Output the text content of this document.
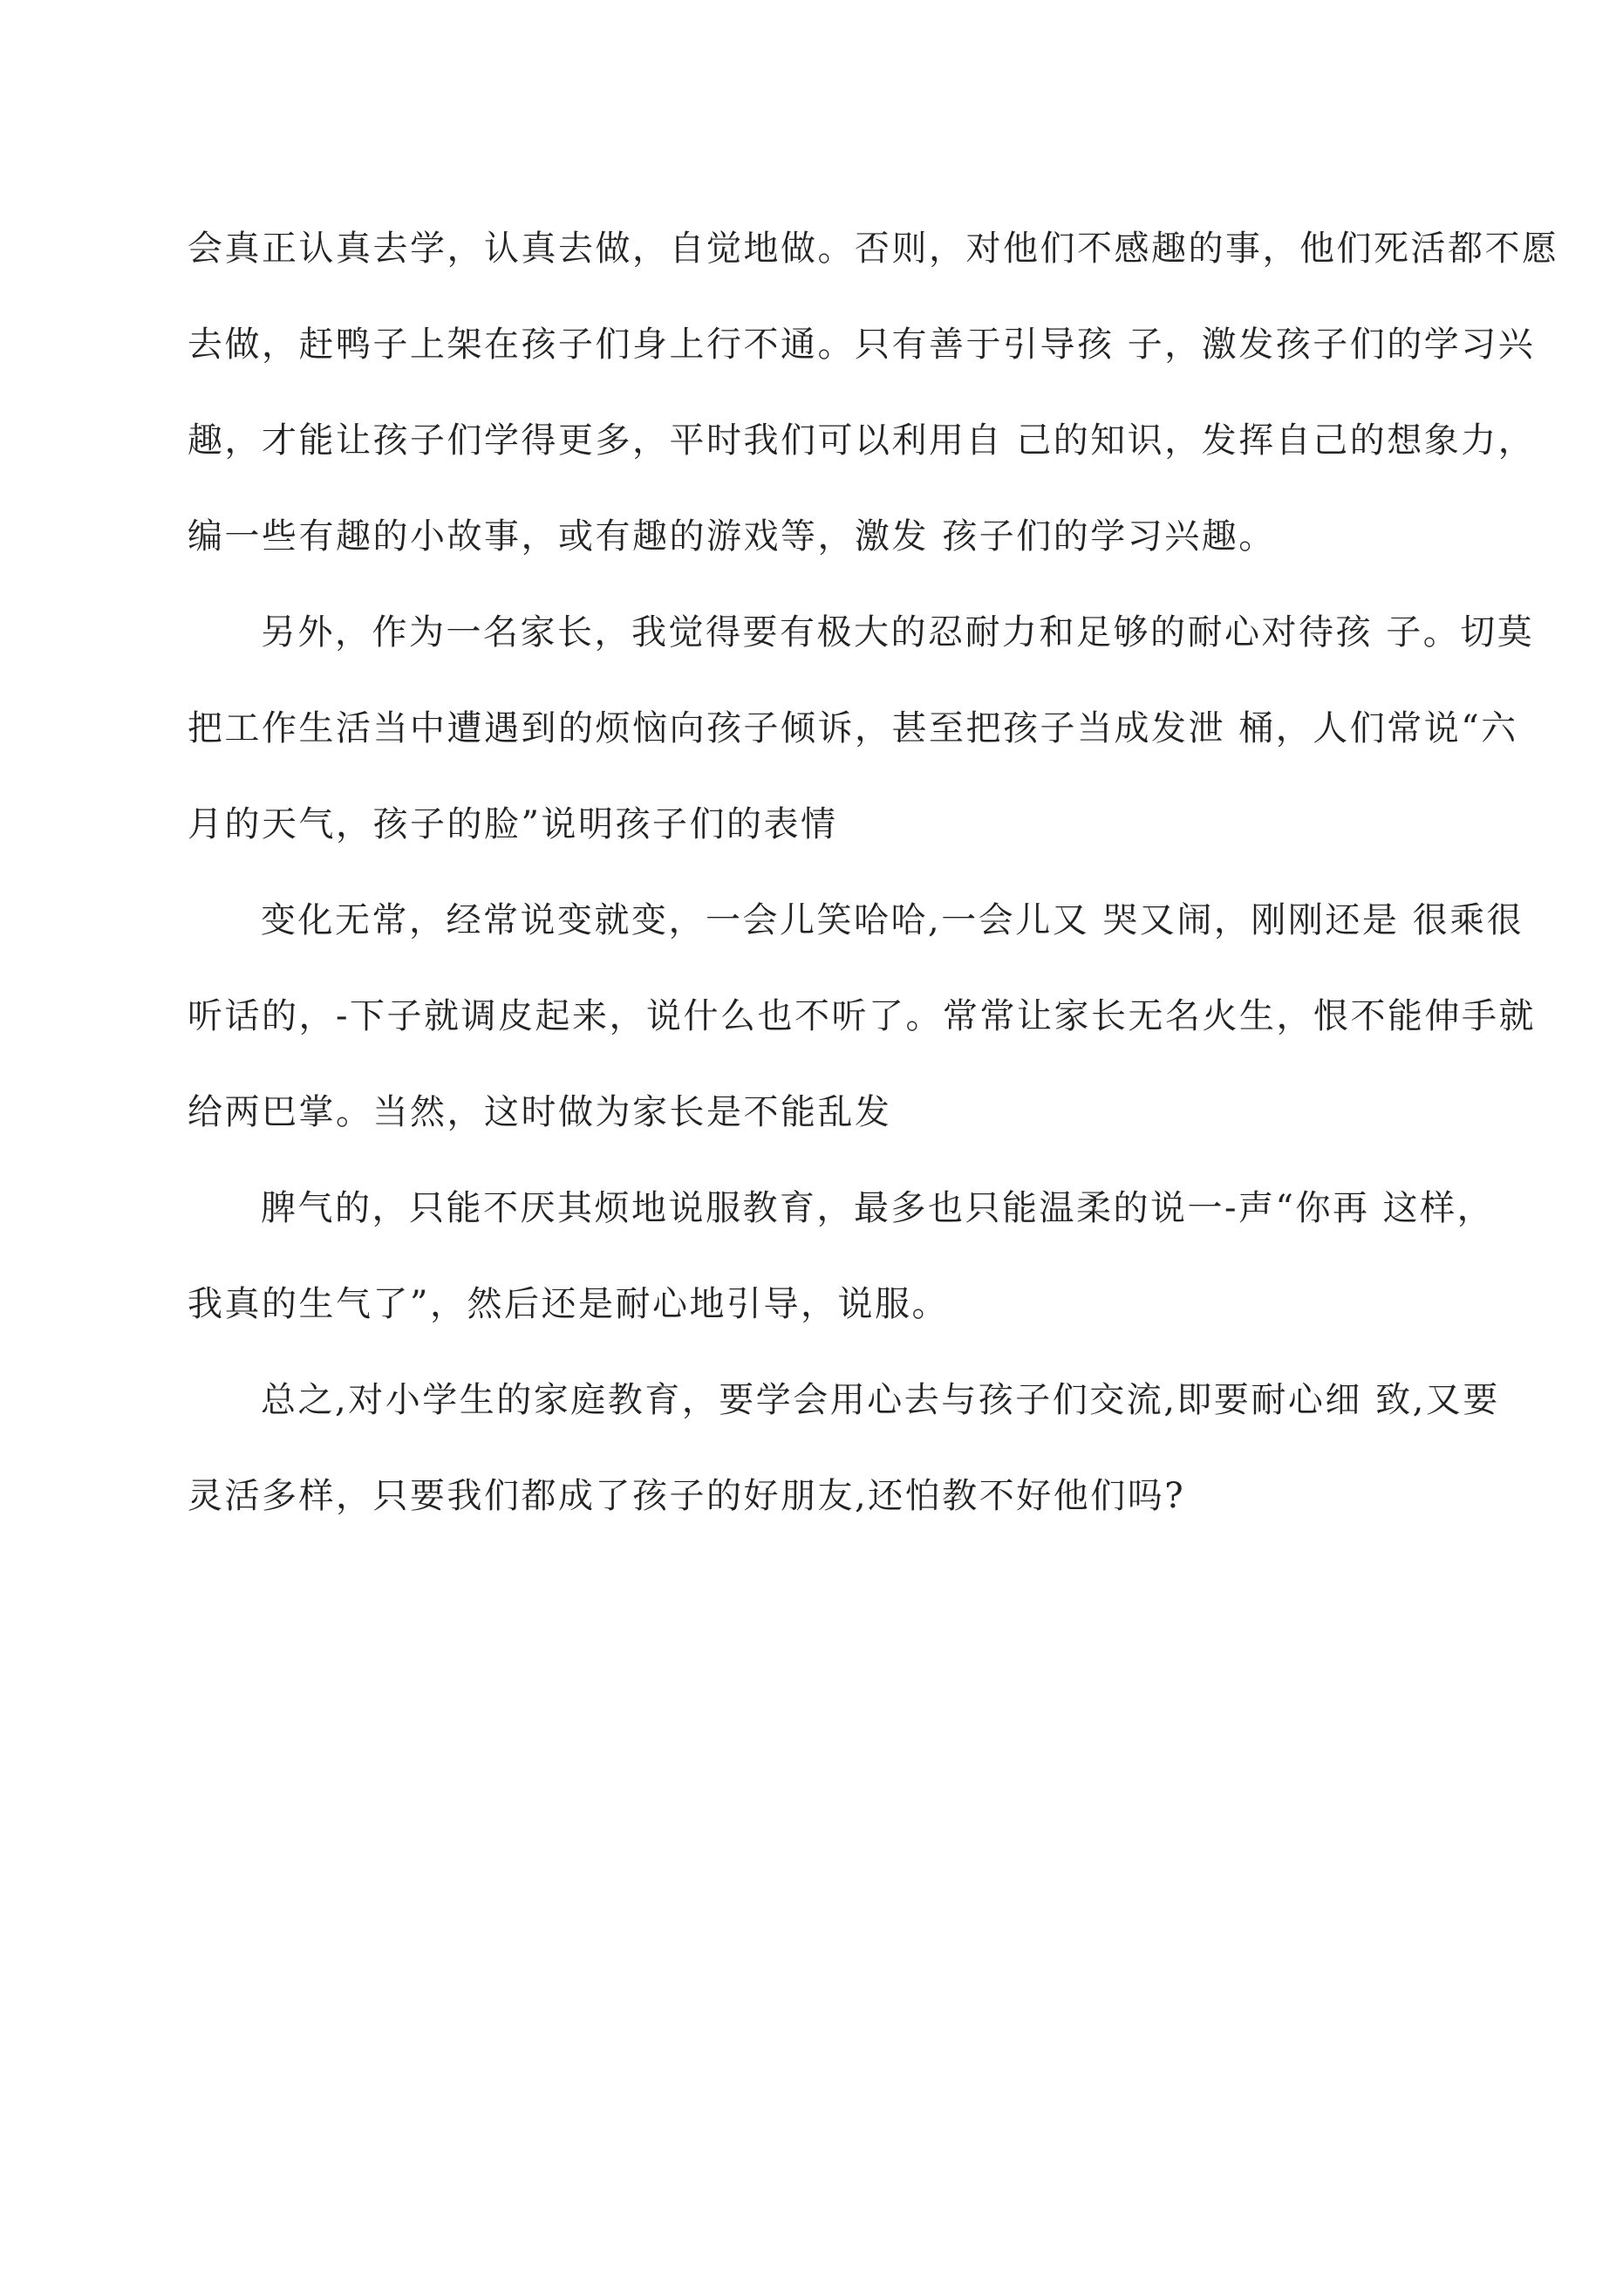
会真正认真去学，认真去做，自觉地做。否则，对他们不感趣的事，他们死活都不愿
去做，赶鸭子上架在孩子们身上行不通。只有善于引导孩 子，激发孩子们的学习兴
趣，才能让孩子们学得更多，平时我们可以利用自 己的知识，发挥自己的想象力，
编一些有趣的小故事，或有趣的游戏等，激发 孩子们的学习兴趣。

另外，作为一名家长，我觉得要有极大的忍耐力和足够的耐心对待孩 子。切莫
把工作生活当中遭遇到的烦恼向孩子倾诉，甚至把孩子当成发泄 桶，人们常说“六
月的天气，孩子的脸”说明孩子们的表情

变化无常，经常说变就变，一会儿笑哈哈,一会儿又 哭又闹，刚刚还是 很乘很
听话的，-下子就调皮起来，说什么也不听了。常常让家长无名火生，恨不能伸手就
给两巴掌。当然，这时做为家长是不能乱发

脾气的，只能不厌其烦地说服教育，最多也只能温柔的说一-声“你再 这样，
我真的生气了”，然后还是耐心地引导，说服。

总之,对小学生的家庭教育，要学会用心去与孩子们交流,即要耐心细 致,又要
灵活多样，只要我们都成了孩子的好朋友,还怕教不好他们吗?
